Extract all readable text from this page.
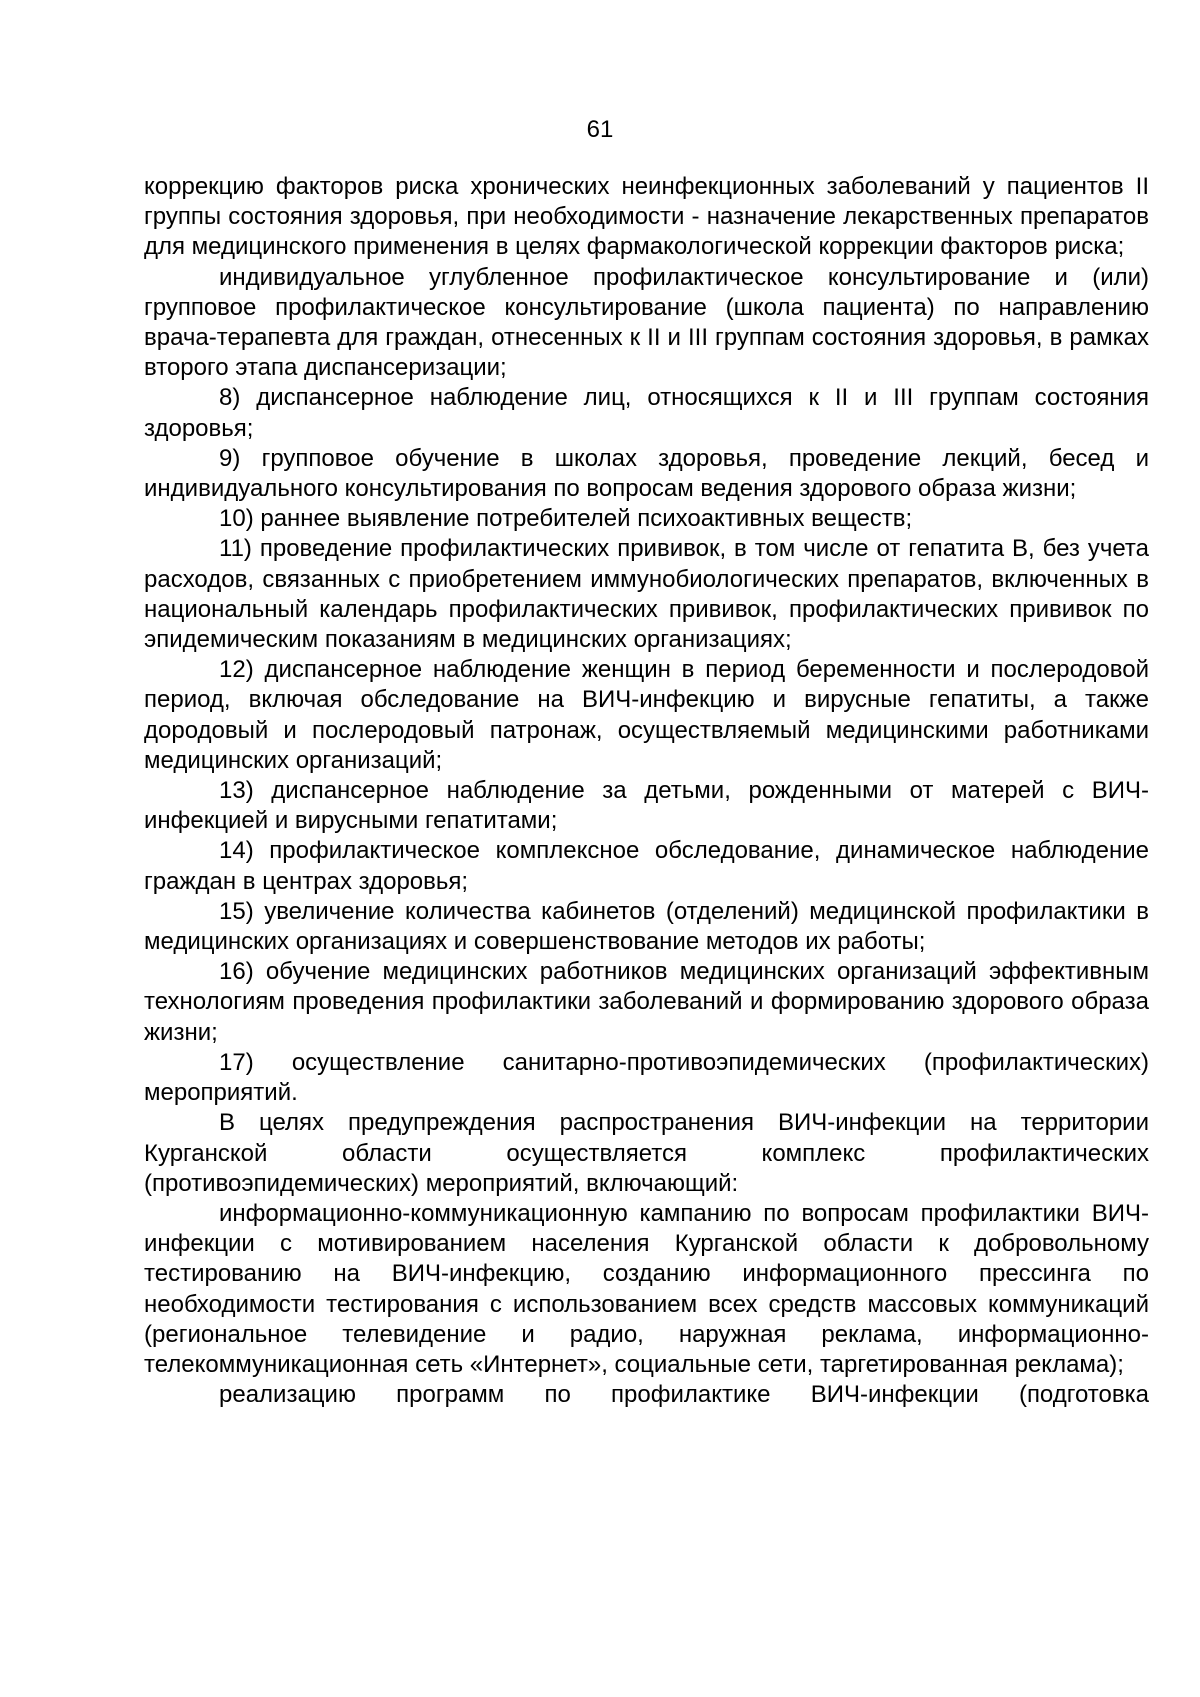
61

коррекцию факторов риска хронических неинфекционных заболеваний у пациентов II группы состояния здоровья, при необходимости - назначение лекарственных препаратов для медицинского применения в целях фармакологической коррекции факторов риска;

индивидуальное углубленное профилактическое консультирование и (или) групповое профилактическое консультирование (школа пациента) по направлению врача-терапевта для граждан, отнесенных к II и III группам состояния здоровья, в рамках второго этапа диспансеризации;

8) диспансерное наблюдение лиц, относящихся к II и III группам состояния здоровья;

9) групповое обучение в школах здоровья, проведение лекций, бесед и индивидуального консультирования по вопросам ведения здорового образа жизни;

10) раннее выявление потребителей психоактивных веществ;

11) проведение профилактических прививок, в том числе от гепатита В, без учета расходов, связанных с приобретением иммунобиологических препаратов, включенных в национальный календарь профилактических прививок, профилактических прививок по эпидемическим показаниям в медицинских организациях;

12) диспансерное наблюдение женщин в период беременности и послеродовой период, включая обследование на ВИЧ-инфекцию и вирусные гепатиты, а также дородовый и послеродовый патронаж, осуществляемый медицинскими работниками медицинских организаций;

13) диспансерное наблюдение за детьми, рожденными от матерей с ВИЧ-инфекцией и вирусными гепатитами;

14) профилактическое комплексное обследование, динамическое наблюдение граждан в центрах здоровья;

15) увеличение количества кабинетов (отделений) медицинской профилактики в медицинских организациях и совершенствование методов их работы;

16) обучение медицинских работников медицинских организаций эффективным технологиям проведения профилактики заболеваний и формированию здорового образа жизни;

17) осуществление санитарно-противоэпидемических (профилактических) мероприятий.

В целях предупреждения распространения ВИЧ-инфекции на территории Курганской области осуществляется комплекс профилактических (противоэпидемических) мероприятий, включающий:

информационно-коммуникационную кампанию по вопросам профилактики ВИЧ-инфекции с мотивированием населения Курганской области к добровольному тестированию на ВИЧ-инфекцию, созданию информационного прессинга по необходимости тестирования с использованием всех средств массовых коммуникаций (региональное телевидение и радио, наружная реклама, информационно-телекоммуникационная сеть «Интернет», социальные сети, таргетированная реклама);

реализацию программ по профилактике ВИЧ-инфекции (подготовка
